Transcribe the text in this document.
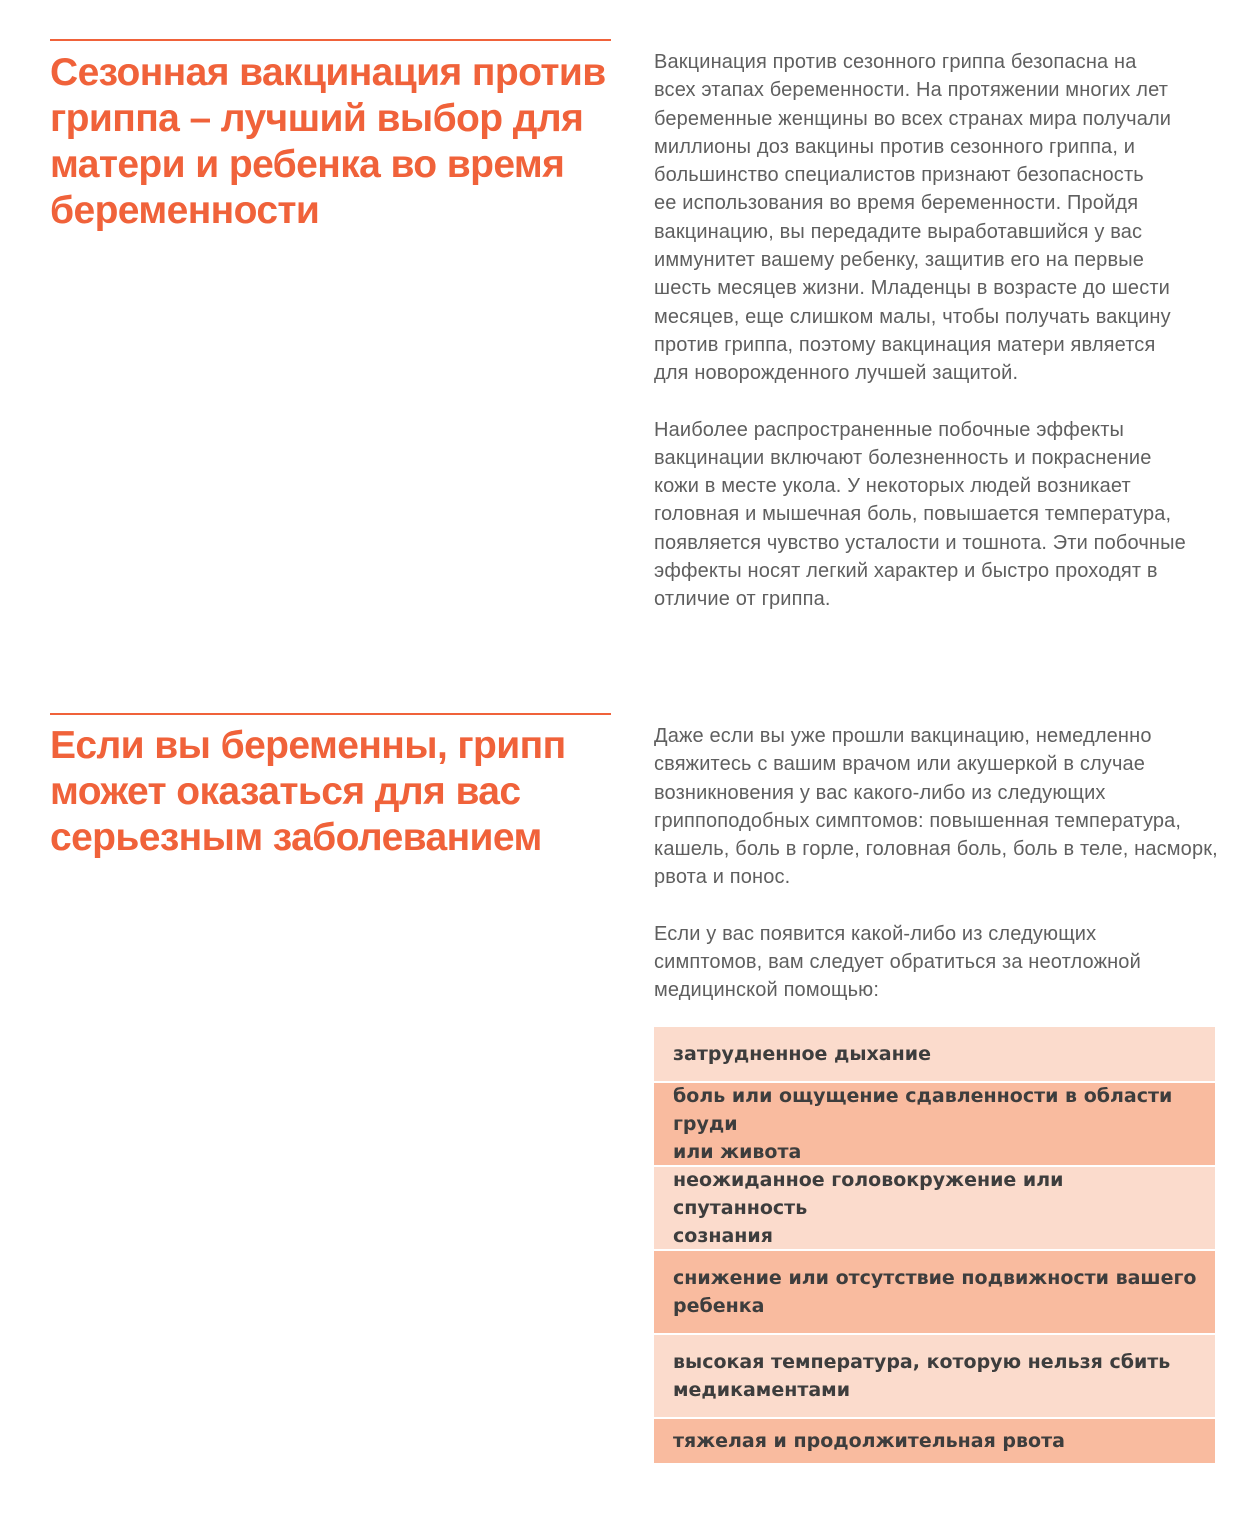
Сезонная вакцинация против
гриппа – лучший выбор для
матери и ребенка во время
беременности

Вакцинация против сезонного гриппа безопасна на
всех этапах беременности. На протяжении многих лет
беременные женщины во всех странах мира получали
миллионы доз вакцины против сезонного гриппа, и
большинство специалистов признают безопасность
ее использования во время беременности. Пройдя
вакцинацию, вы передадите выработавшийся у вас
иммунитет вашему ребенку, защитив его на первые
шесть месяцев жизни. Младенцы в возрасте до шести
месяцев, еще слишком малы, чтобы получать вакцину
против гриппа, поэтому вакцинация матери является
для новорожденного лучшей защитой.

Наиболее распространенные побочные эффекты
вакцинации включают болезненность и покраснение
кожи в месте укола. У некоторых людей возникает
головная и мышечная боль, повышается температура,
появляется чувство усталости и тошнота. Эти побочные
эффекты носят легкий характер и быстро проходят в
отличие от гриппа.

Если вы беременны, грипп
может оказаться для вас
серьезным заболеванием

Даже если вы уже прошли вакцинацию, немедленно
свяжитесь с вашим врачом или акушеркой в случае
возникновения у вас какого-либо из следующих
гриппоподобных симптомов: повышенная температура,
кашель, боль в горле, головная боль, боль в теле, насморк,
рвота и понос.

Если у вас появится какой-либо из следующих
симптомов, вам следует обратиться за неотложной
медицинской помощью:

затрудненное дыхание
боль или ощущение сдавленности в области груди
или живота
неожиданное головокружение или спутанность
сознания
снижение или отсутствие подвижности вашего
ребенка
высокая температура, которую нельзя сбить
медикаментами
тяжелая и продолжительная рвота
